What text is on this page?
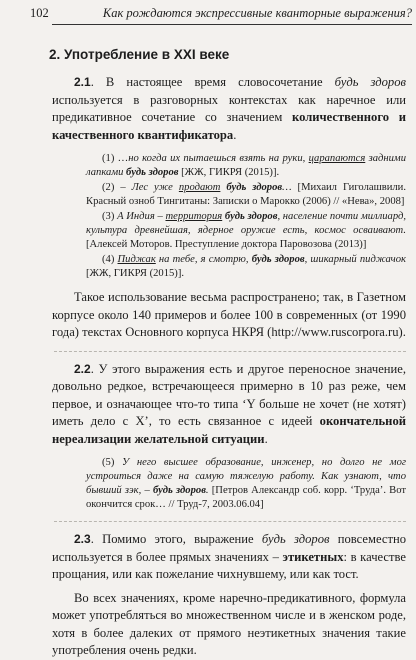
102	Как рождаются экспрессивные кванторные выражения?
2. Употребление в XXI веке

2.1. В настоящее время словосочетание будь здоров используется в разговорных контекстах как наречное или предикативное сочетание со значением количественного и качественного квантификатора.

(1) …но когда их пытаешься взять на руки, царапаются задними лапками будь здоров [ЖЖ, ГИКРЯ (2015)].
(2) – Лес уже продают будь здоров… [Михаил Гиголашвили. Красный озноб Тингитаны: Записки о Марокко (2006) // «Нева», 2008]
(3) А Индия – территория будь здоров, население почти миллиард, культура древнейшая, ядерное оружие есть, космос осваивают. [Алексей Моторов. Преступление доктора Паровозова (2013)]
(4) Пиджак на тебе, я смотрю, будь здоров, шикарный пиджачок [ЖЖ, ГИКРЯ (2015)].

Такое использование весьма распространено; так, в Газетном корпусе около 140 примеров и более 100 в современных (от 1990 года) текстах Основного корпуса НКРЯ (http://www.ruscorpora.ru).

2.2. У этого выражения есть и другое переносное значение, довольно редкое, встречающееся примерно в 10 раз реже, чем первое, и означающее что-то типа ‘Y больше не хочет (не хотят) иметь дело с X’, то есть связанное с идеей окончательной нереализации желательной ситуации.

(5) У него высшее образование, инженер, но долго не мог устроиться даже на самую тяжелую работу. Как узнают, что бывший зэк, – будь здоров. [Петров Александр соб. корр. ‘Труда’. Вот окончится срок… // Труд-7, 2003.06.04]

2.3. Помимо этого, выражение будь здоров повсеместно используется в более прямых значениях – этикетных: в качестве прощания, или как пожелание чихнувшему, или как тост.

Во всех значениях, кроме наречно-предикативного, формула может употребляться во множественном числе и в женском роде, хотя в более далеких от прямого неэтикетных значения такие употребления очень редки.
